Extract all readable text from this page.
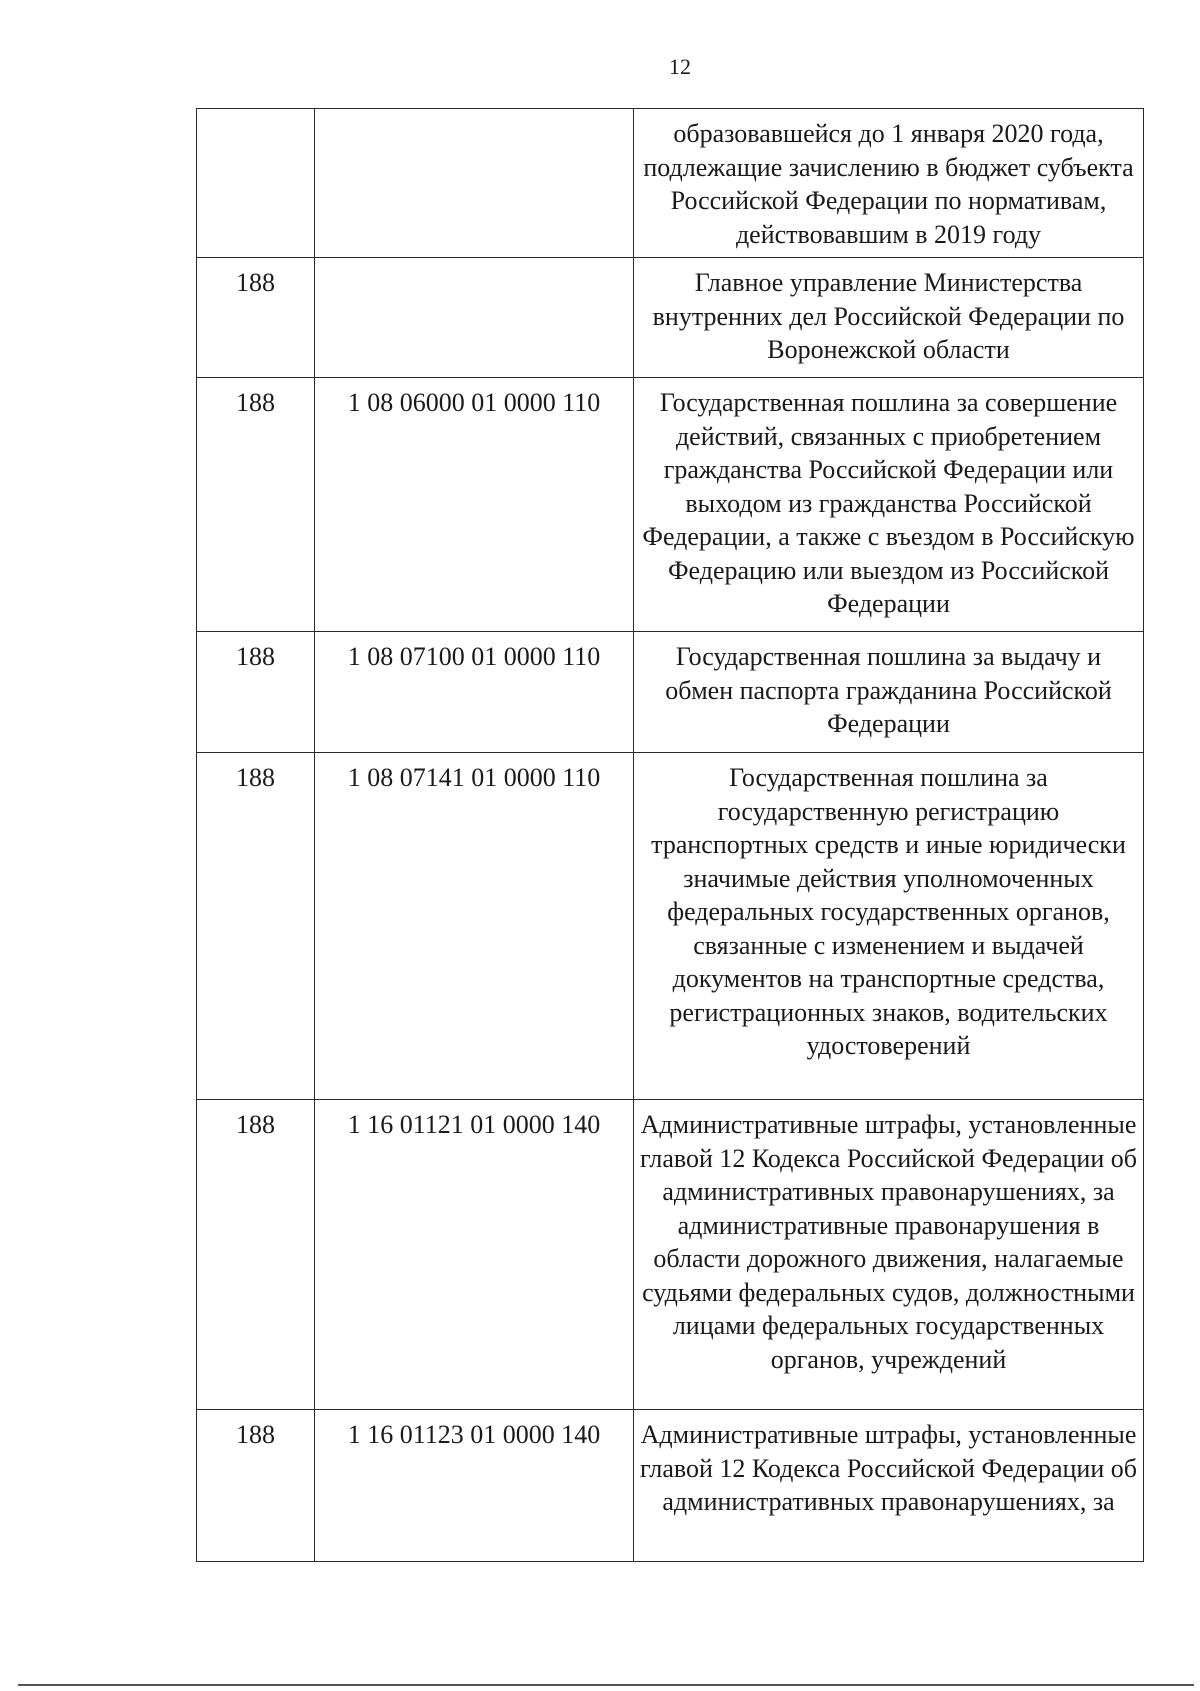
12
		образовавшейся до 1 января 2020 года, подлежащие зачислению в бюджет субъекта Российской Федерации по нормативам, действовавшим в 2019 году
188		Главное управление Министерства внутренних дел Российской Федерации по Воронежской области
188	1 08 06000 01 0000 110	Государственная пошлина за совершение действий, связанных с приобретением гражданства Российской Федерации или выходом из гражданства Российской Федерации, а также с въездом в Российскую Федерацию или выездом из Российской Федерации
188	1 08 07100 01 0000 110	Государственная пошлина за выдачу и обмен паспорта гражданина Российской Федерации
188	1 08 07141 01 0000 110	Государственная пошлина за государственную регистрацию транспортных средств и иные юридически значимые действия уполномоченных федеральных государственных органов, связанные с изменением и выдачей документов на транспортные средства, регистрационных знаков, водительских удостоверений
188	1 16 01121 01 0000 140	Административные штрафы, установленные главой 12 Кодекса Российской Федерации об административных правонарушениях, за административные правонарушения в области дорожного движения, налагаемые судьями федеральных судов, должностными лицами федеральных государственных органов, учреждений
188	1 16 01123 01 0000 140	Административные штрафы, установленные главой 12 Кодекса Российской Федерации об административных правонарушениях, за
